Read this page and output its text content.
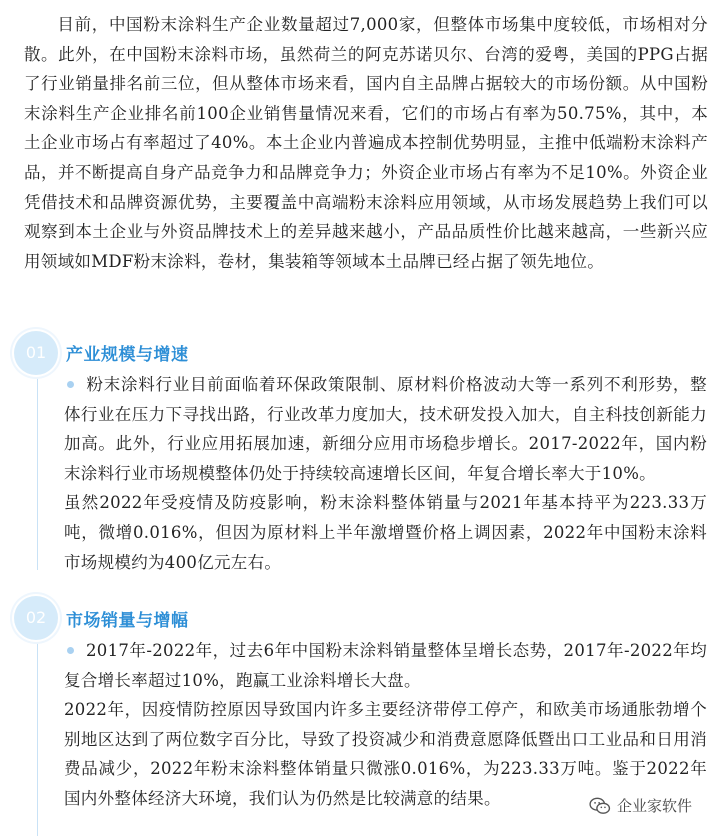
目前，中国粉末涂料生产企业数量超过7,000家，但整体市场集中度较低，市场相对分散。此外，在中国粉末涂料市场，虽然荷兰的阿克苏诺贝尔、台湾的爱粤，美国的PPG占据了行业销量排名前三位，但从整体市场来看，国内自主品牌占据较大的市场份额。从中国粉末涂料生产企业排名前100企业销售量情况来看，它们的市场占有率为50.75%，其中，本土企业市场占有率超过了40%。本土企业内普遍成本控制优势明显，主推中低端粉末涂料产品，并不断提高自身产品竞争力和品牌竞争力；外资企业市场占有率为不足10%。外资企业凭借技术和品牌资源优势，主要覆盖中高端粉末涂料应用领域，从市场发展趋势上我们可以观察到本土企业与外资品牌技术上的差异越来越小，产品品质性价比越来越高，一些新兴应用领域如MDF粉末涂料，卷材，集装箱等领域本土品牌已经占据了领先地位。

01	产业规模与增速

粉末涂料行业目前面临着环保政策限制、原材料价格波动大等一系列不利形势，整体行业在压力下寻找出路，行业改革力度加大，技术研发投入加大，自主科技创新能力加高。此外，行业应用拓展加速，新细分应用市场稳步增长。2017-2022年，国内粉末涂料行业市场规模整体仍处于持续较高速增长区间，年复合增长率大于10%。

虽然2022年受疫情及防疫影响，粉末涂料整体销量与2021年基本持平为223.33万吨，微增0.016%，但因为原材料上半年激增暨价格上调因素，2022年中国粉末涂料市场规模约为400亿元左右。

02	市场销量与增幅

2017年-2022年，过去6年中国粉末涂料销量整体呈增长态势，2017年-2022年均复合增长率超过10%，跑赢工业涂料增长大盘。

2022年，因疫情防控原因导致国内许多主要经济带停工停产，和欧美市场通胀勃增个别地区达到了两位数字百分比，导致了投资减少和消费意愿降低暨出口工业品和日用消费品减少，2022年粉末涂料整体销量只微涨0.016%，为223.33万吨。鉴于2022年国内外整体经济大环境，我们认为仍然是比较满意的结果。	企业家软件
